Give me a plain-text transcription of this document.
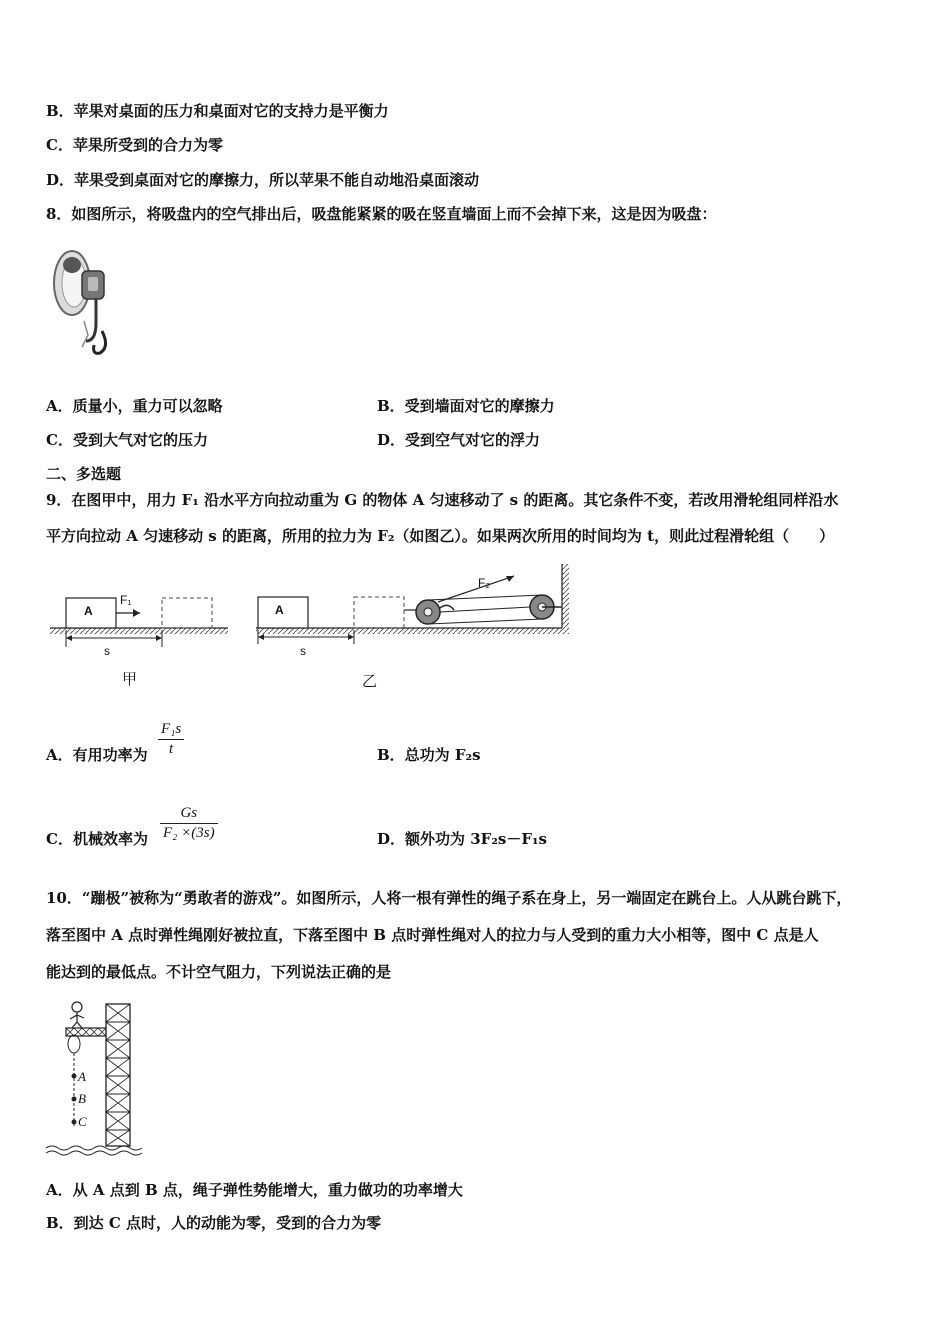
B．苹果对桌面的压力和桌面对它的支持力是平衡力
C．苹果所受到的合力为零
D．苹果受到桌面对它的摩擦力，所以苹果不能自动地沿桌面滚动
8．如图所示，将吸盘内的空气排出后，吸盘能紧紧的吸在竖直墙面上而不会掉下来，这是因为吸盘：
A．质量小，重力可以忽略	B．受到墙面对它的摩擦力
C．受到大气对它的压力	D．受到空气对它的浮力
二、多选题
9．在图甲中，用力 F₁ 沿水平方向拉动重为 G 的物体 A 匀速移动了 s 的距离。其它条件不变，若改用滑轮组同样沿水
平方向拉动 A 匀速移动 s 的距离，所用的拉力为 F₂（如图乙）。如果两次所用的时间均为 t，则此过程滑轮组（　　）
A
F₁
s
甲
A
F₂
s
乙
A．有用功率为 $\frac{\text{F₁s}}{t}$	B．总功为 F₂s
C．机械效率为 $\frac{Gs}{\text{F₂ ×(3s)}}$	D．额外功为 3F₂s－F₁s
10．“蹦极”被称为“勇敢者的游戏”。如图所示，人将一根有弹性的绳子系在身上，另一端固定在跳台上。人从跳台跳下，
落至图中 A 点时弹性绳刚好被拉直，下落至图中 B 点时弹性绳对人的拉力与人受到的重力大小相等，图中 C 点是人
能达到的最低点。不计空气阻力，下列说法正确的是
A
B
C
A．从 A 点到 B 点，绳子弹性势能增大，重力做功的功率增大
B．到达 C 点时，人的动能为零，受到的合力为零
